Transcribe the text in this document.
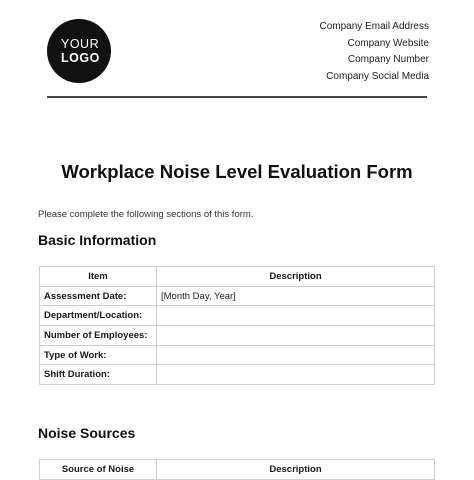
YOUR
LOGO
Company Email Address
Company Website
Company Number
Company Social Media
Workplace Noise Level Evaluation Form
Please complete the following sections of this form.
Basic Information
Item	Description
Assessment Date:	[Month Day, Year]
Department/Location:	
Number of Employees:	
Type of Work:	
Shift Duration:	
Noise Sources
Source of Noise	Description
